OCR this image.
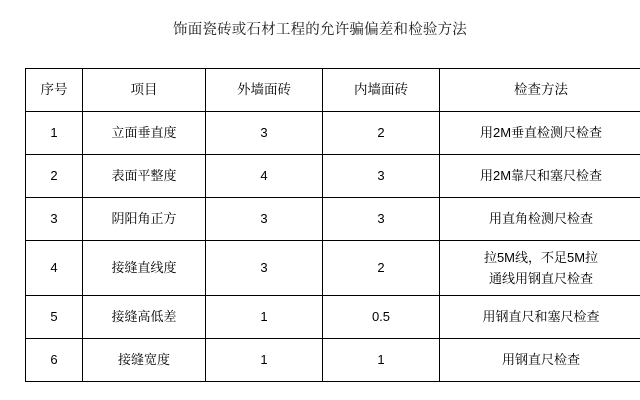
饰面瓷砖或石材工程的允许骗偏差和检验方法
序号	项目	外墙面砖	内墙面砖	检查方法
1	立面垂直度	3	2	用2M垂直检测尺检查
2	表面平整度	4	3	用2M靠尺和塞尺检查
3	阴阳角正方	3	3	用直角检测尺检查
4	接缝直线度	3	2	拉5M线，不足5M拉
通线用钢直尺检查

5	接缝高低差	1	0.5	用钢直尺和塞尺检查
6	接缝宽度	1	1	用钢直尺检查
